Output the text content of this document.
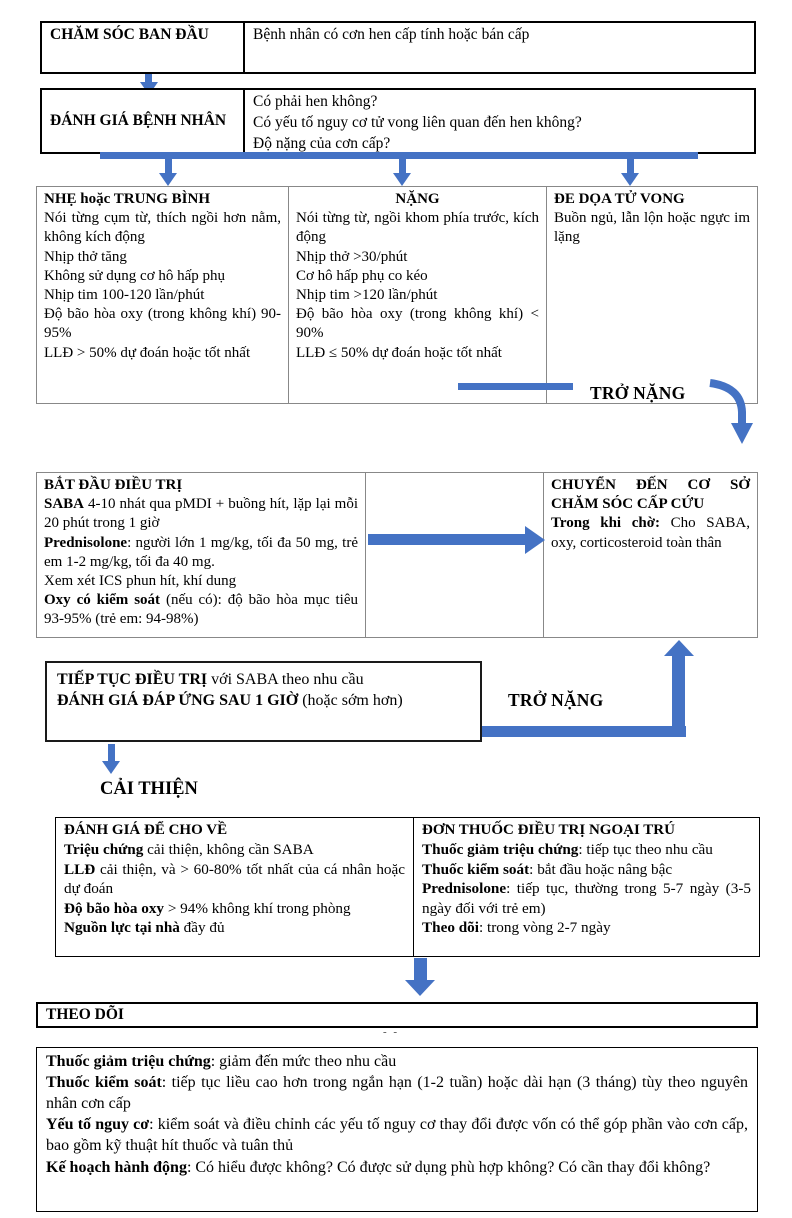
CHĂM SÓC BAN ĐẦU	Bệnh nhân có cơn hen cấp tính hoặc bán cấp
ĐÁNH GIÁ BỆNH NHÂN
Có phải hen không?
Có yếu tố nguy cơ tử vong liên quan đến hen không?
Độ nặng của cơn cấp?
NHẸ hoặc TRUNG BÌNH
Nói từng cụm từ, thích ngồi hơn nằm, không kích động
Nhịp thở tăng
Không sử dụng cơ hô hấp phụ
Nhịp tim 100-120 lần/phút
Độ bão hòa oxy (trong không khí) 90-95%
LLĐ > 50% dự đoán hoặc tốt nhất
NẶNG
Nói từng từ, ngồi khom phía trước, kích động
Nhịp thở >30/phút
Cơ hô hấp phụ co kéo
Nhịp tim >120 lần/phút
Độ bão hòa oxy (trong không khí) < 90%
LLĐ ≤ 50% dự đoán hoặc tốt nhất
ĐE DỌA TỬ VONG
Buồn ngủ, lẫn lộn hoặc ngực im lặng
TRỞ NẶNG
BẮT ĐẦU ĐIỀU TRỊ
SABA 4-10 nhát qua pMDI + buồng hít, lặp lại mỗi 20 phút trong 1 giờ
Prednisolone: người lớn 1 mg/kg, tối đa 50 mg, trẻ em 1-2 mg/kg, tối đa 40 mg.
Xem xét ICS phun hít, khí dung
Oxy có kiểm soát (nếu có): độ bão hòa mục tiêu 93-95% (trẻ em: 94-98%)
CHUYỂN ĐẾN CƠ SỞ CHĂM SÓC CẤP CỨU
Trong khi chờ: Cho SABA, oxy, corticosteroid toàn thân
TIẾP TỤC ĐIỀU TRỊ với SABA theo nhu cầu
ĐÁNH GIÁ ĐÁP ỨNG SAU 1 GIỜ (hoặc sớm hơn)	TRỞ NẶNG
CẢI THIỆN
ĐÁNH GIÁ ĐỂ CHO VỀ
Triệu chứng cải thiện, không cần SABA
LLĐ cải thiện, và > 60-80% tốt nhất của cá nhân hoặc dự đoán
Độ bão hòa oxy > 94% không khí trong phòng
Nguồn lực tại nhà đầy đủ
ĐƠN THUỐC ĐIỀU TRỊ NGOẠI TRÚ
Thuốc giảm triệu chứng: tiếp tục theo nhu cầu
Thuốc kiểm soát: bắt đầu hoặc nâng bậc
Prednisolone: tiếp tục, thường trong 5-7 ngày (3-5 ngày đối với trẻ em)
Theo dõi: trong vòng 2-7 ngày
THEO DÕI
- -
Thuốc giảm triệu chứng: giảm đến mức theo nhu cầu
Thuốc kiểm soát: tiếp tục liều cao hơn trong ngắn hạn (1-2 tuần) hoặc dài hạn (3 tháng) tùy theo nguyên nhân cơn cấp
Yếu tố nguy cơ: kiểm soát và điều chỉnh các yếu tố nguy cơ thay đổi được vốn có thể góp phần vào cơn cấp, bao gồm kỹ thuật hít thuốc và tuân thủ
Kế hoạch hành động: Có hiểu được không? Có được sử dụng phù hợp không? Có cần thay đổi không?
